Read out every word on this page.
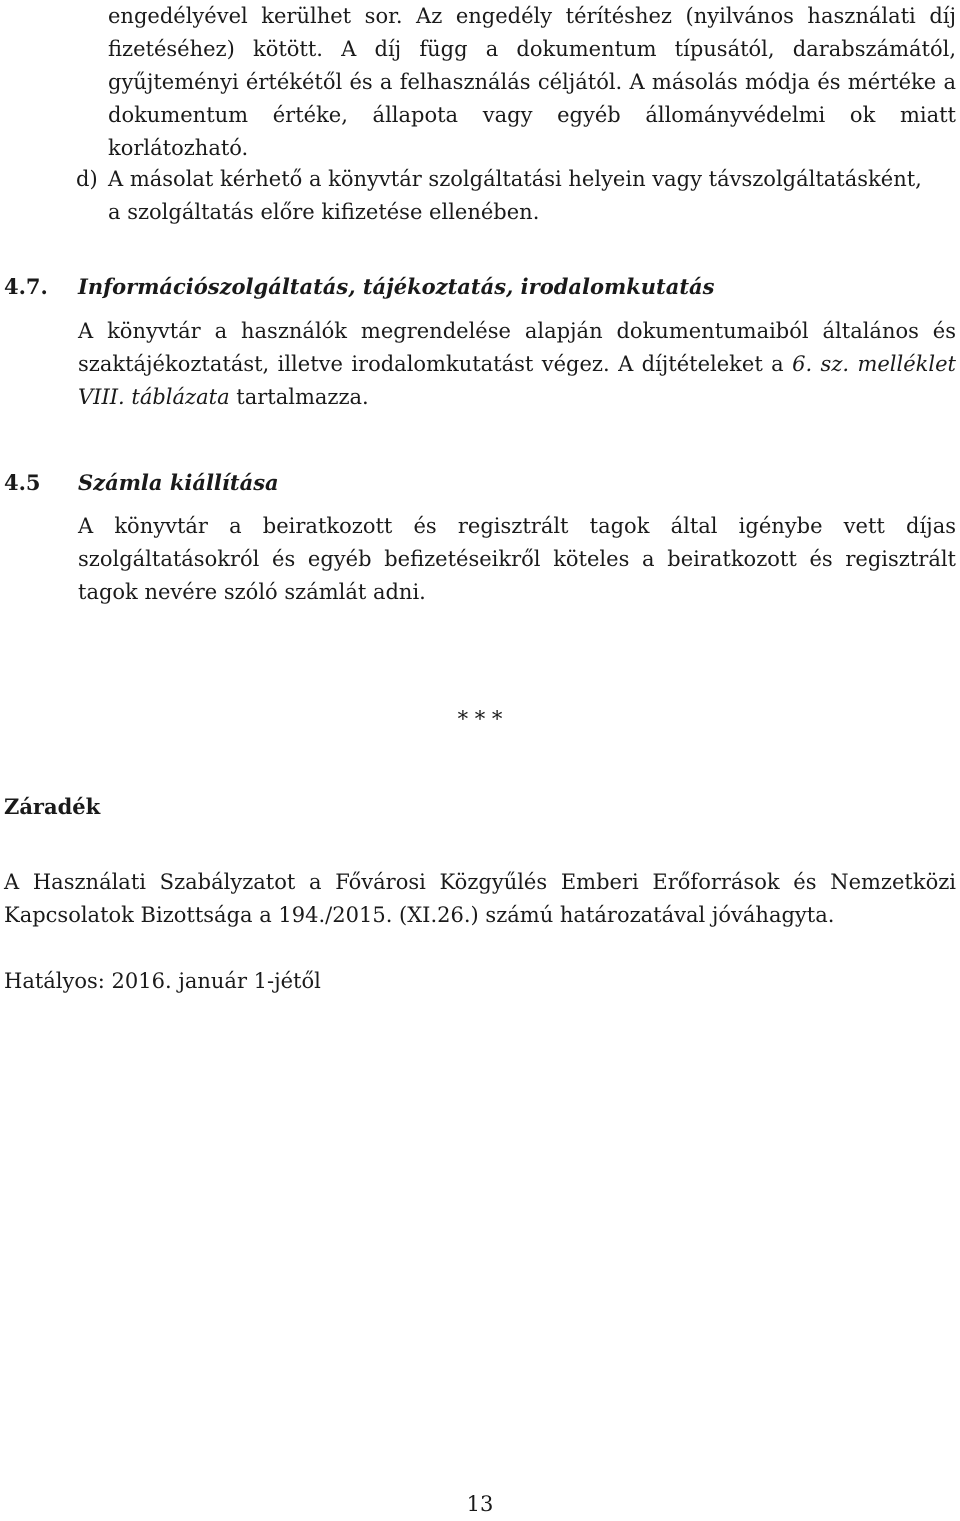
engedélyével kerülhet sor. Az engedély térítéshez (nyilvános használati díj fizetéséhez) kötött. A díj függ a dokumentum típusától, darabszámától, gyűjteményi értékétől és a felhasználás céljától. A másolás módja és mértéke a dokumentum értéke, állapota vagy egyéb állományvédelmi ok miatt korlátozható.

d) A másolat kérhető a könyvtár szolgáltatási helyein vagy távszolgáltatásként,
a szolgáltatás előre kifizetése ellenében.
4.7. Információszolgáltatás, tájékoztatás, irodalomkutatás

A könyvtár a használók megrendelése alapján dokumentumaiból általános és szaktájékoztatást, illetve irodalomkutatást végez. A díjtételeket a 6. sz. melléklet VIII. táblázata tartalmazza.

4.5 Számla kiállítása

A könyvtár a beiratkozott és regisztrált tagok által igénybe vett díjas szolgáltatásokról és egyéb befizetéseikről köteles a beiratkozott és regisztrált tagok nevére szóló számlát adni.

* * *
Záradék

A Használati Szabályzatot a Fővárosi Közgyűlés Emberi Erőforrások és Nemzetközi Kapcsolatok Bizottsága a 194./2015. (XI.26.) számú határozatával jóváhagyta.

Hatályos: 2016. január 1-jétől
13
